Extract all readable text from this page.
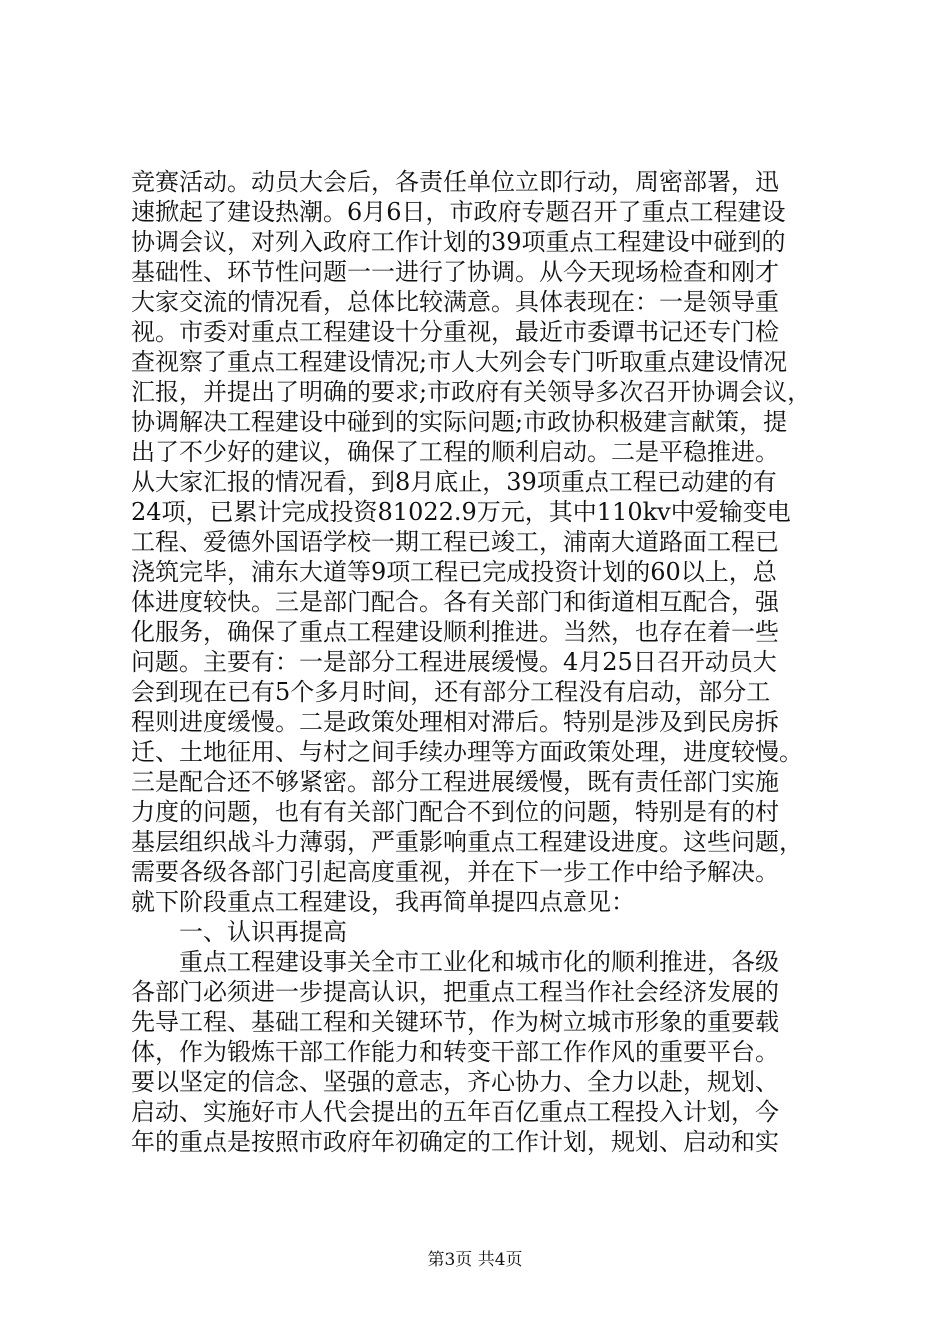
竞赛活动。动员大会后，各责任单位立即行动，周密部署，迅
速掀起了建设热潮。6月6日，市政府专题召开了重点工程建设
协调会议，对列入政府工作计划的39项重点工程建设中碰到的
基础性、环节性问题一一进行了协调。从今天现场检查和刚才
大家交流的情况看，总体比较满意。具体表现在：一是领导重
视。市委对重点工程建设十分重视，最近市委谭书记还专门检
查视察了重点工程建设情况;市人大列会专门听取重点建设情况
汇报，并提出了明确的要求;市政府有关领导多次召开协调会议，
协调解决工程建设中碰到的实际问题;市政协积极建言献策，提
出了不少好的建议，确保了工程的顺利启动。二是平稳推进。
从大家汇报的情况看，到8月底止，39项重点工程已动建的有
24项，已累计完成投资81022.9万元，其中110kv中爱输变电
工程、爱德外国语学校一期工程已竣工，浦南大道路面工程已
浇筑完毕，浦东大道等9项工程已完成投资计划的60以上，总
体进度较快。三是部门配合。各有关部门和街道相互配合，强
化服务，确保了重点工程建设顺利推进。当然，也存在着一些
问题。主要有：一是部分工程进展缓慢。4月25日召开动员大
会到现在已有5个多月时间，还有部分工程没有启动，部分工
程则进度缓慢。二是政策处理相对滞后。特别是涉及到民房拆
迁、土地征用、与村之间手续办理等方面政策处理，进度较慢。
三是配合还不够紧密。部分工程进展缓慢，既有责任部门实施
力度的问题，也有有关部门配合不到位的问题，特别是有的村
基层组织战斗力薄弱，严重影响重点工程建设进度。这些问题，
需要各级各部门引起高度重视，并在下一步工作中给予解决。
就下阶段重点工程建设，我再简单提四点意见：
一、认识再提高
重点工程建设事关全市工业化和城市化的顺利推进，各级
各部门必须进一步提高认识，把重点工程当作社会经济发展的
先导工程、基础工程和关键环节，作为树立城市形象的重要载
体，作为锻炼干部工作能力和转变干部工作作风的重要平台。
要以坚定的信念、坚强的意志，齐心协力、全力以赴，规划、
启动、实施好市人代会提出的五年百亿重点工程投入计划，今
年的重点是按照市政府年初确定的工作计划，规划、启动和实
第3页 共4页
